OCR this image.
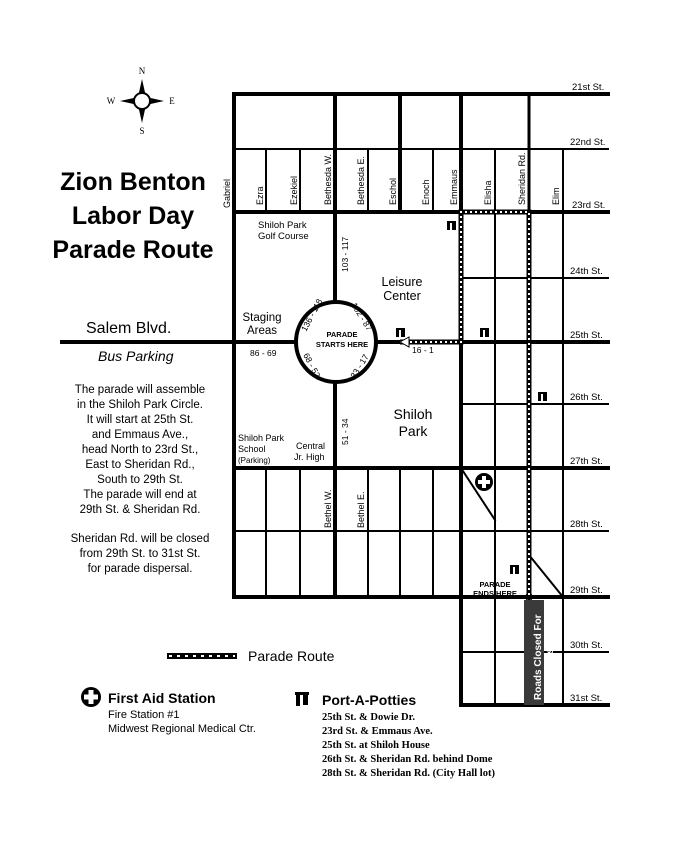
✕
N
S
W	E
Zion Benton
Labor Day
Parade Route
21st St.
22nd St.
23rd St.
24th St.
25th St.
26th St.
27th St.
28th St.
29th St.
30th St.
31st St.
Gabriel	Ezra	Ezekiel	Bethesda W.	Bethesda E. Eschol	Enoch Emmaus	Elisha	Sheridan Rd.	Elim
Bethel W.	Bethel E.
136 - 118	102 - 87
86 - 69	68 - 52	33 - 17
16 - 1
103 - 117
51 - 34
Salem Blvd.
Bus Parking
Shiloh Park
Golf Course
Leisure
Center
Staging
Areas
Shiloh
Park
Shiloh Park
School
(Parking)
Central
Jr. High
PARADE
STARTS HERE
PARADE
ENDS HERE
Roads Closed For Parade Dispersal
The parade will assemble
in the Shiloh Park Circle.
It will start at 25th St.
and Emmaus Ave.,
head North to 23rd St.,
East to Sheridan Rd.,
South to 29th St.
The parade will end at
29th St. & Sheridan Rd.
Sheridan Rd. will be closed
from 29th St. to 31st St.
for parade dispersal.
Parade Route
First Aid Station
Fire Station #1
Midwest Regional Medical Ctr.
Port-A-Potties
25th St. & Dowie Dr.
23rd St. & Emmaus Ave.
25th St. at Shiloh House
26th St. & Sheridan Rd. behind Dome
28th St. & Sheridan Rd. (City Hall lot)
